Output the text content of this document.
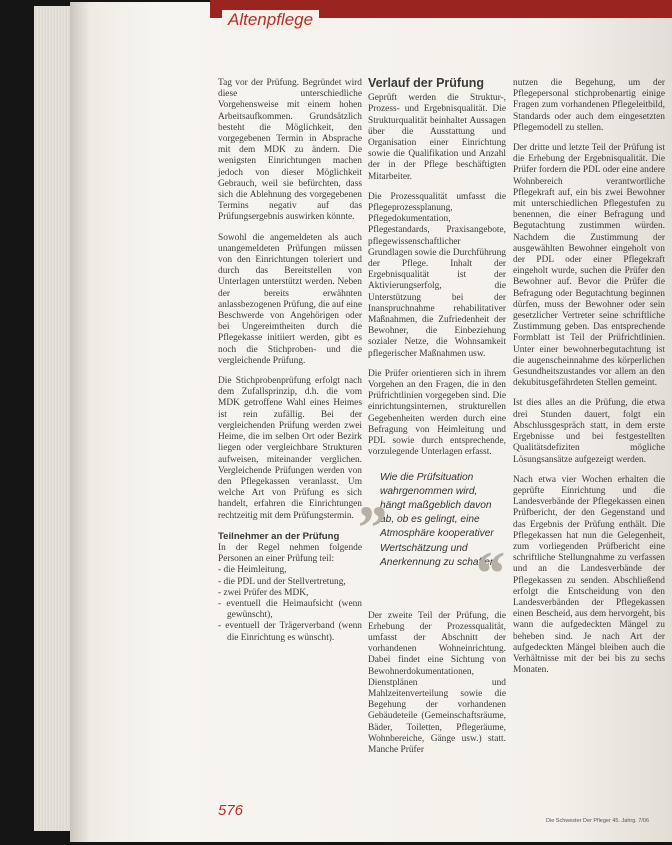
Altenpflege

Tag vor der Prüfung. Begründet wird diese unterschiedliche Vorgehensweise mit einem hohen Arbeitsaufkommen. Grundsätzlich besteht die Möglichkeit, den vorgegebenen Termin in Absprache mit dem MDK zu ändern. Die wenigsten Einrichtungen machen jedoch von dieser Möglichkeit Gebrauch, weil sie befürchten, dass sich die Ablehnung des vorgegebenen Termins negativ auf das Prüfungsergebnis auswirken könnte.

Sowohl die angemeldeten als auch unangemeldeten Prüfungen müssen von den Einrichtungen toleriert und durch das Bereitstellen von Unterlagen unterstützt werden. Neben der bereits erwähnten anlassbezogenen Prüfung, die auf eine Beschwerde von Angehörigen oder bei Ungereimtheiten durch die Pflegekasse initiiert werden, gibt es noch die Stichproben- und die vergleichende Prüfung.

Die Stichprobenprüfung erfolgt nach dem Zufallsprinzip, d.h. die vom MDK getroffene Wahl eines Heimes ist rein zufällig. Bei der vergleichenden Prüfung werden zwei Heime, die im selben Ort oder Bezirk liegen oder vergleichbare Strukturen aufweisen, miteinander verglichen. Vergleichende Prüfungen werden von den Pflegekassen veranlasst. Um welche Art von Prüfung es sich handelt, erfahren die Einrichtungen rechtzeitig mit dem Prüfungstermin.

Teilnehmer an der Prüfung
In der Regel nehmen folgende Personen an einer Prüfung teil:
- die Heimleitung,
- die PDL und der Stellvertretung,
- zwei Prüfer des MDK,
- eventuell die Heimaufsicht (wenn gewünscht),
- eventuell der Trägerverband (wenn die Einrichtung es wünscht).
Verlauf der Prüfung

Geprüft werden die Struktur-, Prozess- und Ergebnisqualität. Die Strukturqualität beinhaltet Aussagen über die Ausstattung und Organisation einer Einrichtung sowie die Qualifikation und Anzahl der in der Pflege beschäftigten Mitarbeiter.

Die Prozessqualität umfasst die Pflegeprozessplanung, Pflegedokumentation, Pflegestandards, Praxisangebote, pflegewissenschaftlicher Grundlagen sowie die Durchführung der Pflege. Inhalt der Ergebnisqualität ist der Aktivierungserfolg, die Unterstützung bei der Inanspruchnahme rehabilitativer Maßnahmen, die Zufriedenheit der Bewohner, die Einbeziehung sozialer Netze, die Wohnsamkeit pflegerischer Maßnahmen usw.

Die Prüfer orientieren sich in ihrem Vorgehen an den Fragen, die in den Prüfrichtlinien vorgegeben sind. Die einrichtungsinternen, strukturellen Gegebenheiten werden durch eine Befragung von Heimleitung und PDL sowie durch entsprechende, vorzulegende Unterlagen erfasst.

„
Wie die Prüfsituation wahrgenommen wird, hängt maßgeblich davon ab, ob es gelingt, eine Atmosphäre kooperativer Wertschätzung und Anerkennung zu schaffen.
“

Der zweite Teil der Prüfung, die Erhebung der Prozessqualität, umfasst der Abschnitt der vorhandenen Wohneinrichtung. Dabei findet eine Sichtung von Bewohnerdokumentationen, Dienstplänen und Mahlzeitenverteilung sowie die Begehung der vorhandenen Gebäudeteile (Gemeinschaftsräume, Bäder, Toiletten, Pflegeräume, Wohnbereiche, Gänge usw.) statt. Manche Prüfer

nutzen die Begehung, um der Pflegepersonal stichprobenartig einige Fragen zum vorhandenen Pflegeleitbild, Standards oder auch dem eingesetzten Pflegemodell zu stellen.

Der dritte und letzte Teil der Prüfung ist die Erhebung der Ergebnisqualität. Die Prüfer fordern die PDL oder eine andere Wohnbereich verantwortliche Pflegekraft auf, ein bis zwei Bewohner mit unterschiedlichen Pflegestufen zu benennen, die einer Befragung und Begutachtung zustimmen würden. Nachdem die Zustimmung der ausgewählten Bewohner eingeholt von der PDL oder einer Pflegekraft eingeholt wurde, suchen die Prüfer den Bewohner auf. Bevor die Prüfer die Befragung oder Begutachtung beginnen dürfen, muss der Bewohner oder sein gesetzlicher Vertreter seine schriftliche Zustimmung geben. Das entsprechende Formblatt ist Teil der Prüfrichtlinien. Unter einer bewohnerbegutachtung ist die augenscheinnahme des körperlichen Gesundheitszustandes vor allem an den dekubitusgefährdeten Stellen gemeint.

Ist dies alles an die Prüfung, die etwa drei Stunden dauert, folgt ein Abschlussgespräch statt, in dem erste Ergebnisse und bei festgestellten Qualitätsdefiziten mögliche Lösungsansätze aufgezeigt werden.

Nach etwa vier Wochen erhalten die geprüfte Einrichtung und die Landesverbände der Pflegekassen einen Prüfbericht, der den Gegenstand und das Ergebnis der Prüfung enthält. Die Pflegekassen hat nun die Gelegenheit, zum vorliegenden Prüfbericht eine schriftliche Stellungnahme zu verfassen und an die Landesverbände der Pflegekassen zu senden. Abschließend erfolgt die Entscheidung von den Landesverbänden der Pflegekassen einen Bescheid, aus dem hervorgeht, bis wann die aufgedeckten Mängel zu beheben sind. Je nach Art der aufgedeckten Mängel bleiben auch die Verhältnisse mit der bei bis zu sechs Monaten.

576
Die Schwester Der Pfleger 45. Jahrg. 7/06
